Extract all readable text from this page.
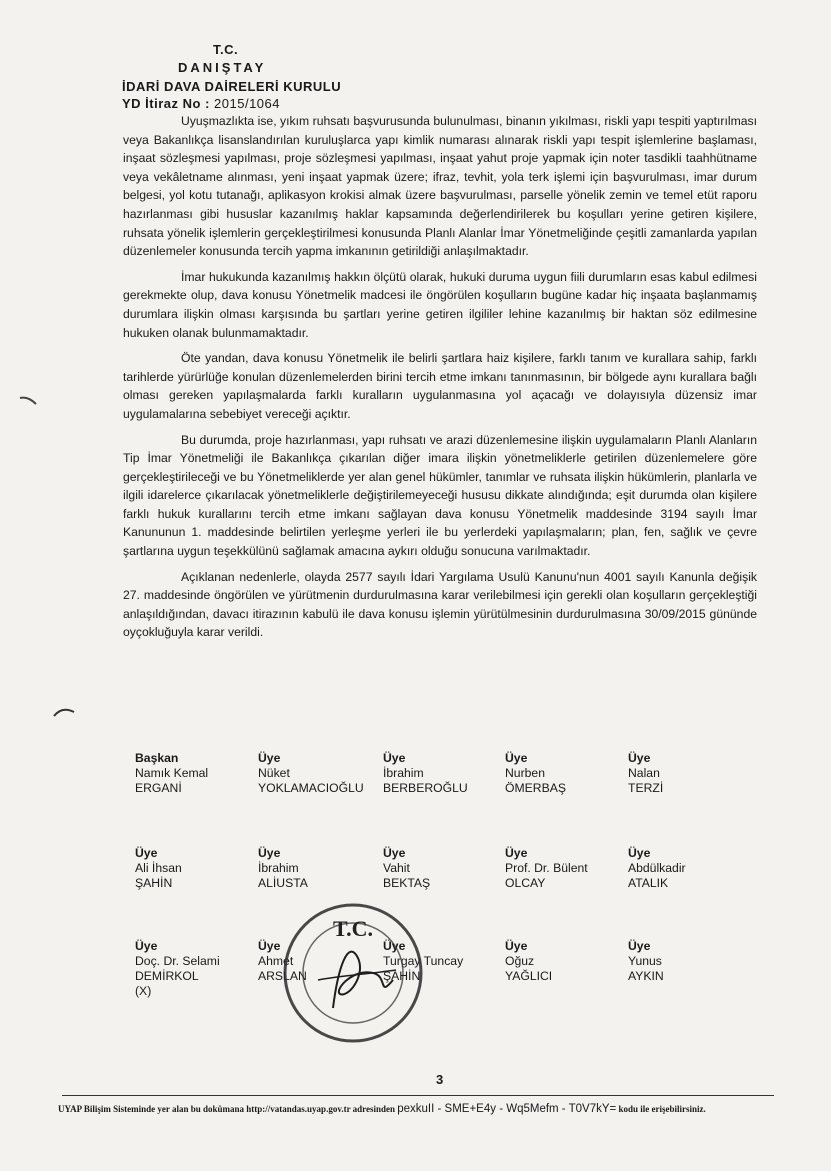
T.C.
DANIŞTAY
İDARİ DAVA DAİRELERİ KURULU
YD İtiraz No : 2015/1064

Uyuşmazlıkta ise, yıkım ruhsatı başvurusunda bulunulması, binanın yıkılması, riskli yapı tespiti yaptırılması veya Bakanlıkça lisanslandırılan kuruluşlarca yapı kimlik numarası alınarak riskli yapı tespit işlemlerine başlaması, inşaat sözleşmesi yapılması, proje sözleşmesi yapılması, inşaat yahut proje yapmak için noter tasdikli taahhütname veya vekâletname alınması, yeni inşaat yapmak üzere; ifraz, tevhit, yola terk işlemi için başvurulması, imar durum belgesi, yol kotu tutanağı, aplikasyon krokisi almak üzere başvurulması, parselle yönelik zemin ve temel etüt raporu hazırlanması gibi hususlar kazanılmış haklar kapsamında değerlendirilerek bu koşulları yerine getiren kişilere, ruhsata yönelik işlemlerin gerçekleştirilmesi konusunda Planlı Alanlar İmar Yönetmeliğinde çeşitli zamanlarda yapılan düzenlemeler konusunda tercih yapma imkanının getirildiği anlaşılmaktadır.

İmar hukukunda kazanılmış hakkın ölçütü olarak, hukuki duruma uygun fiili durumların esas kabul edilmesi gerekmekte olup, dava konusu Yönetmelik madcesi ile öngörülen koşulların bugüne kadar hiç inşaata başlanmamış durumlara ilişkin olması karşısında bu şartları yerine getiren ilgililer lehine kazanılmış bir haktan söz edilmesine hukuken olanak bulunmamaktadır.

Öte yandan, dava konusu Yönetmelik ile belirli şartlara haiz kişilere, farklı tanım ve kurallara sahip, farklı tarihlerde yürürlüğe konulan düzenlemelerden birini tercih etme imkanı tanınmasının, bir bölgede aynı kurallara bağlı olması gereken yapılaşmalarda farklı kuralların uygulanmasına yol açacağı ve dolayısıyla düzensiz imar uygulamalarına sebebiyet vereceği açıktır.

Bu durumda, proje hazırlanması, yapı ruhsatı ve arazi düzenlemesine ilişkin uygulamaların Planlı Alanların Tip İmar Yönetmeliği ile Bakanlıkça çıkarılan diğer imara ilişkin yönetmeliklerle getirilen düzenlemelere göre gerçekleştirileceği ve bu Yönetmeliklerde yer alan genel hükümler, tanımlar ve ruhsata ilişkin hükümlerin, planlarla ve ilgili idarelerce çıkarılacak yönetmeliklerle değiştirilemeyeceği hususu dikkate alındığında; eşit durumda olan kişilere farklı hukuk kurallarını tercih etme imkanı sağlayan dava konusu Yönetmelik maddesinde 3194 sayılı İmar Kanununun 1. maddesinde belirtilen yerleşme yerleri ile bu yerlerdeki yapılaşmaların; plan, fen, sağlık ve çevre şartlarına uygun teşekkülünü sağlamak amacına aykırı olduğu sonucuna varılmaktadır.

Açıklanan nedenlerle, olayda 2577 sayılı İdari Yargılama Usulü Kanunu'nun 4001 sayılı Kanunla değişik 27. maddesinde öngörülen ve yürütmenin durdurulmasına karar verilebilmesi için gerekli olan koşulların gerçekleştiği anlaşıldığından, davacı itirazının kabulü ile dava konusu işlemin yürütülmesinin durdurulmasına 30/09/2015 gününde oyçokluğuyla karar verildi.

Başkan
Namık Kemal
ERGANİ
Üye
Nüket
YOKLAMACIOĞLU
Üye
İbrahim
BERBEROĞLU
Üye
Nurben
ÖMERBAŞ
Üye
Nalan
TERZİ
Üye
Ali İhsan
ŞAHİN
Üye
İbrahim
ALİUSTA
Üye
Vahit
BEKTAŞ
Üye
Prof. Dr. Bülent
OLCAY
Üye
Abdülkadir
ATALIK
Üye
Doç. Dr. Selami
DEMİRKOL
(X)
Üye
Ahmet
ARSLAN
Üye
Turgay Tuncay
ŞAHİN
Üye
Oğuz
YAĞLICI
Üye
Yunus
AYKIN
T.C.
3
UYAP Bilişim Sisteminde yer alan bu dokümana http://vatandas.uyap.gov.tr adresinden pexkuII - SME+E4y - Wq5Mefm - T0V7kY= kodu ile erişebilirsiniz.
